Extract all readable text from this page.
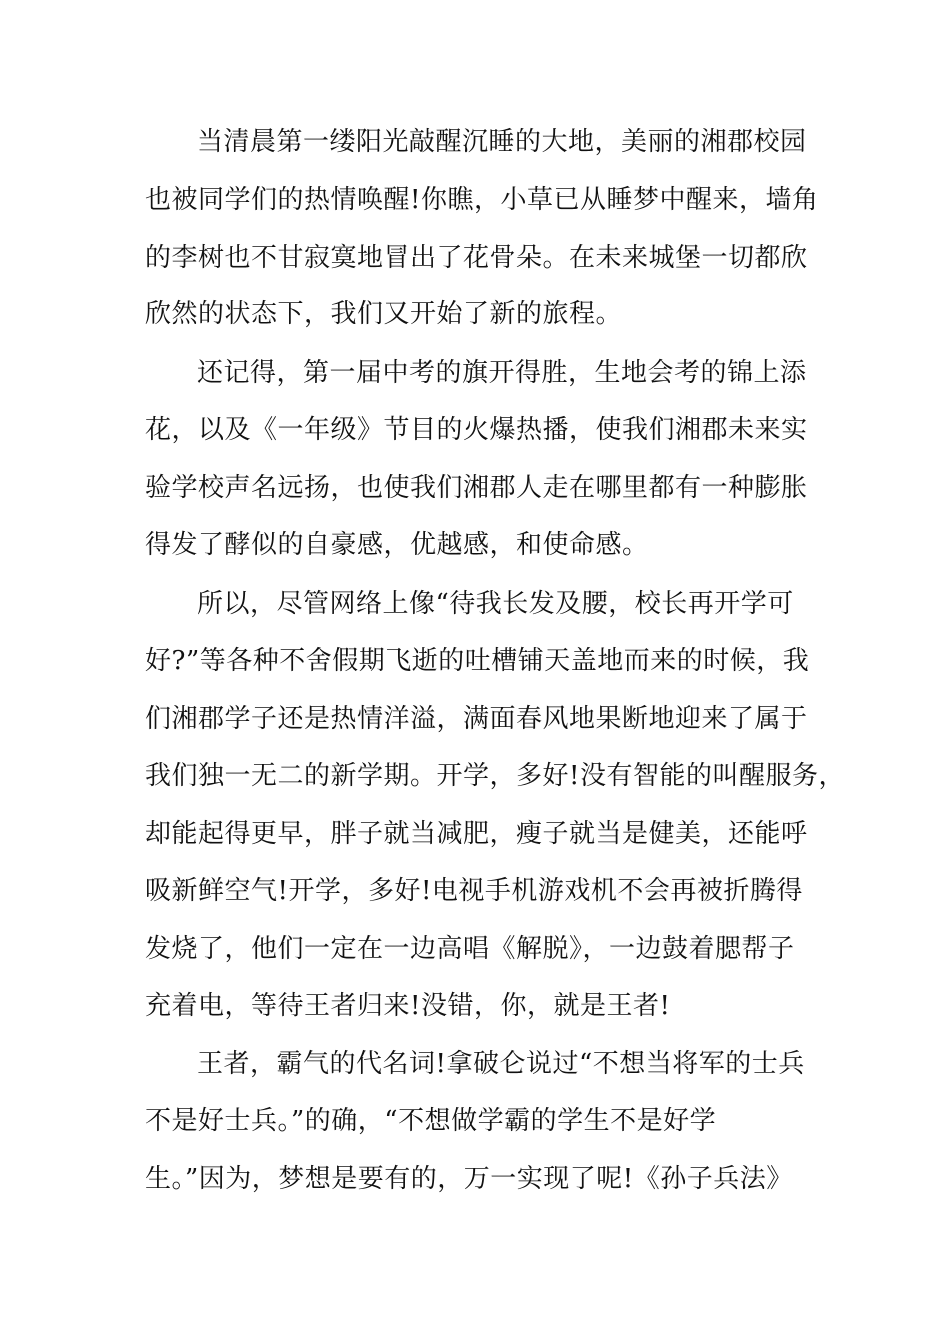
当清晨第一缕阳光敲醒沉睡的大地，美丽的湘郡校园
也被同学们的热情唤醒!你瞧，小草已从睡梦中醒来，墙角
的李树也不甘寂寞地冒出了花骨朵。在未来城堡一切都欣
欣然的状态下，我们又开始了新的旅程。
还记得，第一届中考的旗开得胜，生地会考的锦上添
花，以及《一年级》节目的火爆热播，使我们湘郡未来实
验学校声名远扬，也使我们湘郡人走在哪里都有一种膨胀
得发了酵似的自豪感，优越感，和使命感。
所以，尽管网络上像“待我长发及腰，校长再开学可
好?”等各种不舍假期飞逝的吐槽铺天盖地而来的时候，我
们湘郡学子还是热情洋溢，满面春风地果断地迎来了属于
我们独一无二的新学期。开学，多好!没有智能的叫醒服务，
却能起得更早，胖子就当减肥，瘦子就当是健美，还能呼
吸新鲜空气!开学，多好!电视手机游戏机不会再被折腾得
发烧了，他们一定在一边高唱《解脱》，一边鼓着腮帮子
充着电，等待王者归来!没错，你，就是王者!
王者，霸气的代名词!拿破仑说过“不想当将军的士兵
不是好士兵。”的确，“不想做学霸的学生不是好学
生。”因为，梦想是要有的，万一实现了呢!《孙子兵法》
